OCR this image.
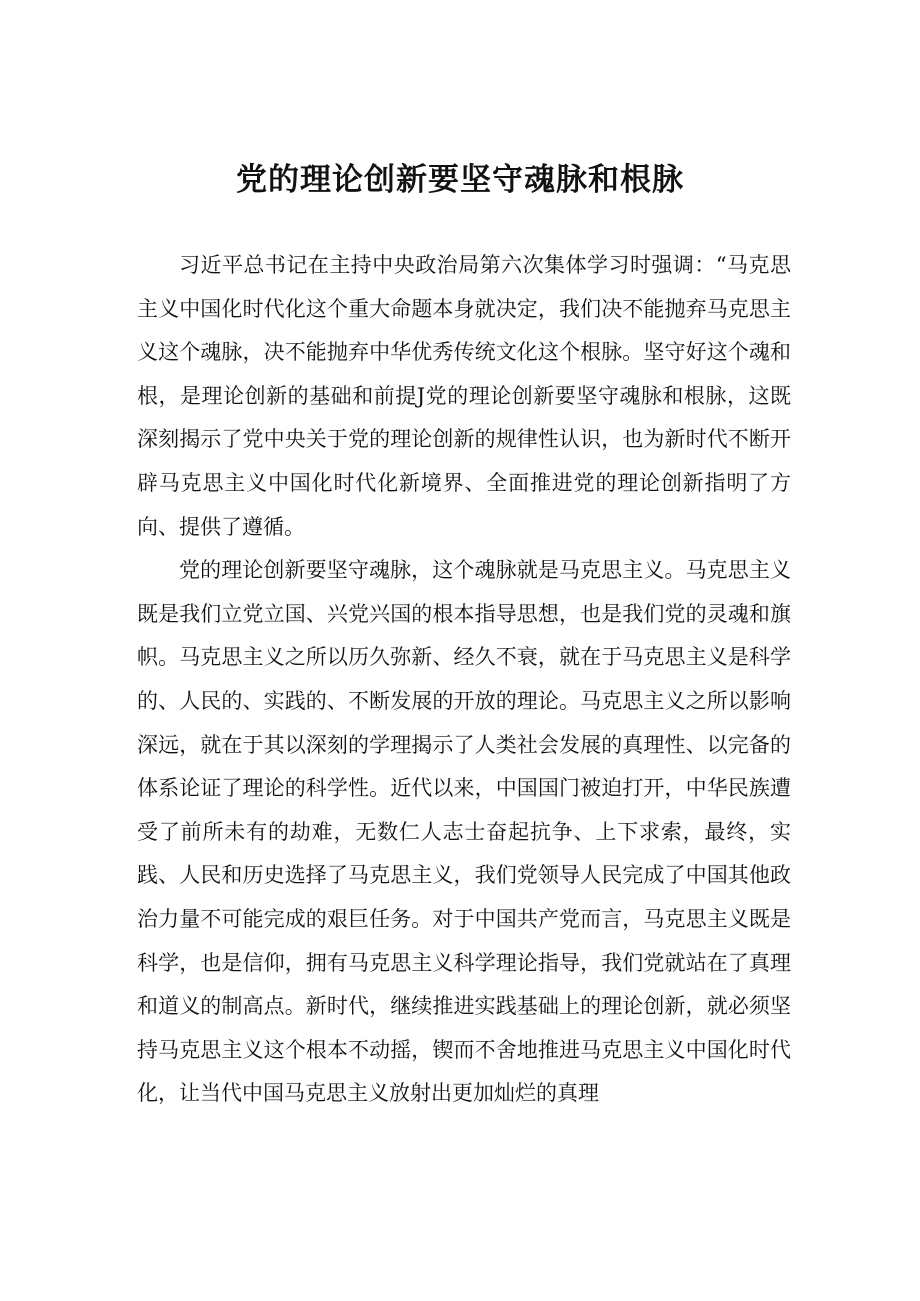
党的理论创新要坚守魂脉和根脉

习近平总书记在主持中央政治局第六次集体学习时强调：“马克思主义中国化时代化这个重大命题本身就决定，我们决不能抛弃马克思主义这个魂脉，决不能抛弃中华优秀传统文化这个根脉。坚守好这个魂和根，是理论创新的基础和前提J党的理论创新要坚守魂脉和根脉，这既深刻揭示了党中央关于党的理论创新的规律性认识，也为新时代不断开辟马克思主义中国化时代化新境界、全面推进党的理论创新指明了方向、提供了遵循。

党的理论创新要坚守魂脉，这个魂脉就是马克思主义。马克思主义既是我们立党立国、兴党兴国的根本指导思想，也是我们党的灵魂和旗帜。马克思主义之所以历久弥新、经久不衰，就在于马克思主义是科学的、人民的、实践的、不断发展的开放的理论。马克思主义之所以影响深远，就在于其以深刻的学理揭示了人类社会发展的真理性、以完备的体系论证了理论的科学性。近代以来，中国国门被迫打开，中华民族遭受了前所未有的劫难，无数仁人志士奋起抗争、上下求索，最终，实践、人民和历史选择了马克思主义，我们党领导人民完成了中国其他政治力量不可能完成的艰巨任务。对于中国共产党而言，马克思主义既是科学，也是信仰，拥有马克思主义科学理论指导，我们党就站在了真理和道义的制高点。新时代，继续推进实践基础上的理论创新，就必须坚持马克思主义这个根本不动摇，锲而不舍地推进马克思主义中国化时代化，让当代中国马克思主义放射出更加灿烂的真理
